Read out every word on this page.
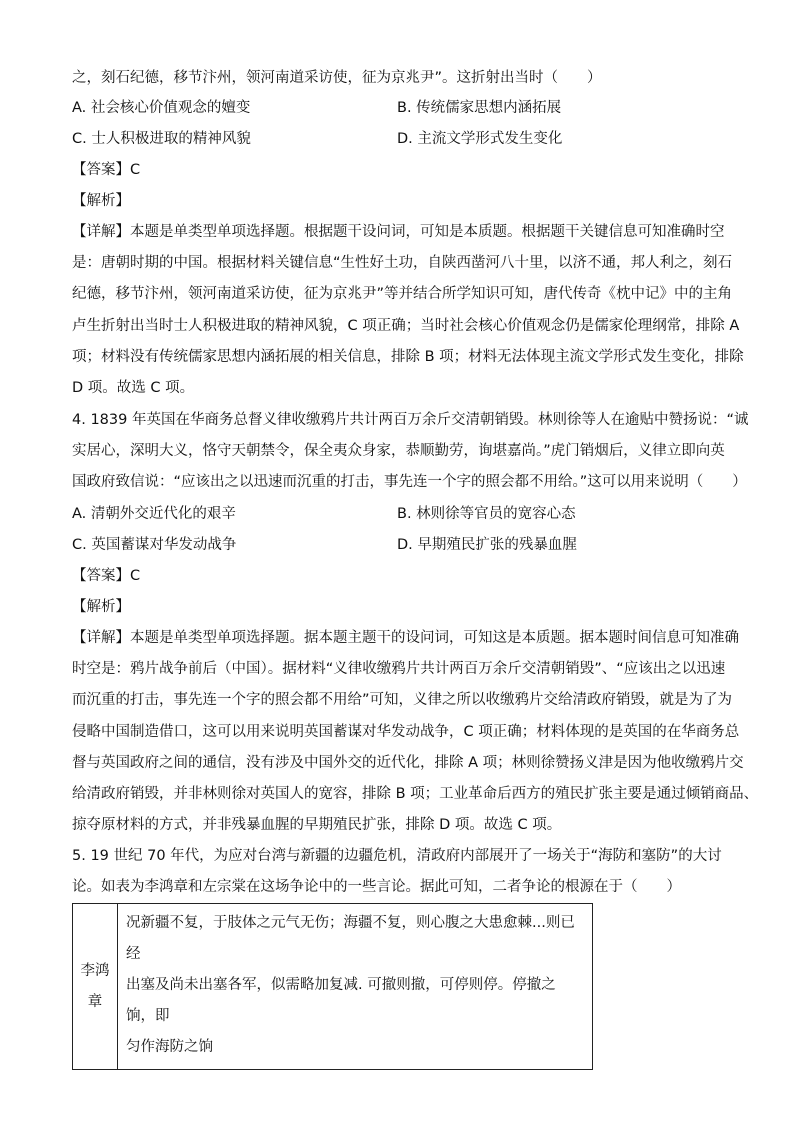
之，刻石纪德，移节汴州，领河南道采访使，征为京兆尹”。这折射出当时（　　）
A. 社会核心价值观念的嬗变	B. 传统儒家思想内涵拓展
C. 士人积极进取的精神风貌	D. 主流文学形式发生变化
【答案】C
【解析】
【详解】本题是单类型单项选择题。根据题干设问词，可知是本质题。根据题干关键信息可知准确时空
是：唐朝时期的中国。根据材料关键信息“生性好土功，自陕西凿河八十里，以济不通，邦人利之，刻石
纪德，移节汴州，领河南道采访使，征为京兆尹”等并结合所学知识可知，唐代传奇《枕中记》中的主角
卢生折射出当时士人积极进取的精神风貌，C 项正确；当时社会核心价值观念仍是儒家伦理纲常，排除 A
项；材料没有传统儒家思想内涵拓展的相关信息，排除 B 项；材料无法体现主流文学形式发生变化，排除
D 项。故选 C 项。
4. 1839 年英国在华商务总督义律收缴鸦片共计两百万余斤交清朝销毁。林则徐等人在逾贴中赞扬说：“诚
实居心，深明大义，恪守天朝禁令，保全夷众身家，恭顺勤劳，询堪嘉尚。”虎门销烟后，义律立即向英
国政府致信说：“应该出之以迅速而沉重的打击，事先连一个字的照会都不用给。”这可以用来说明（　　）
A. 清朝外交近代化的艰辛	B. 林则徐等官员的宽容心态
C. 英国蓄谋对华发动战争	D. 早期殖民扩张的残暴血腥
【答案】C
【解析】
【详解】本题是单类型单项选择题。据本题主题干的设问词，可知这是本质题。据本题时间信息可知准确
时空是：鸦片战争前后（中国）。据材料“义律收缴鸦片共计两百万余斤交清朝销毁”、“应该出之以迅速
而沉重的打击，事先连一个字的照会都不用给”可知，义律之所以收缴鸦片交给清政府销毁，就是为了为
侵略中国制造借口，这可以用来说明英国蓄谋对华发动战争，C 项正确；材料体现的是英国的在华商务总
督与英国政府之间的通信，没有涉及中国外交的近代化，排除 A 项；林则徐赞扬义津是因为他收缴鸦片交
给清政府销毁，并非林则徐对英国人的宽容，排除 B 项；工业革命后西方的殖民扩张主要是通过倾销商品、
掠夺原材料的方式，并非残暴血腥的早期殖民扩张，排除 D 项。故选 C 项。
5. 19 世纪 70 年代，为应对台湾与新疆的边疆危机，清政府内部展开了一场关于“海防和塞防”的大讨
论。如表为李鸿章和左宗棠在这场争论中的一些言论。据此可知，二者争论的根源在于（　　）
李鸿
章

况新疆不复，于肢体之元气无伤；海疆不复，则心腹之大患愈棘...则已经
出塞及尚未出塞各军，似需略加复减. 可撤则撤，可停则停。停撤之饷，即
匀作海防之饷
